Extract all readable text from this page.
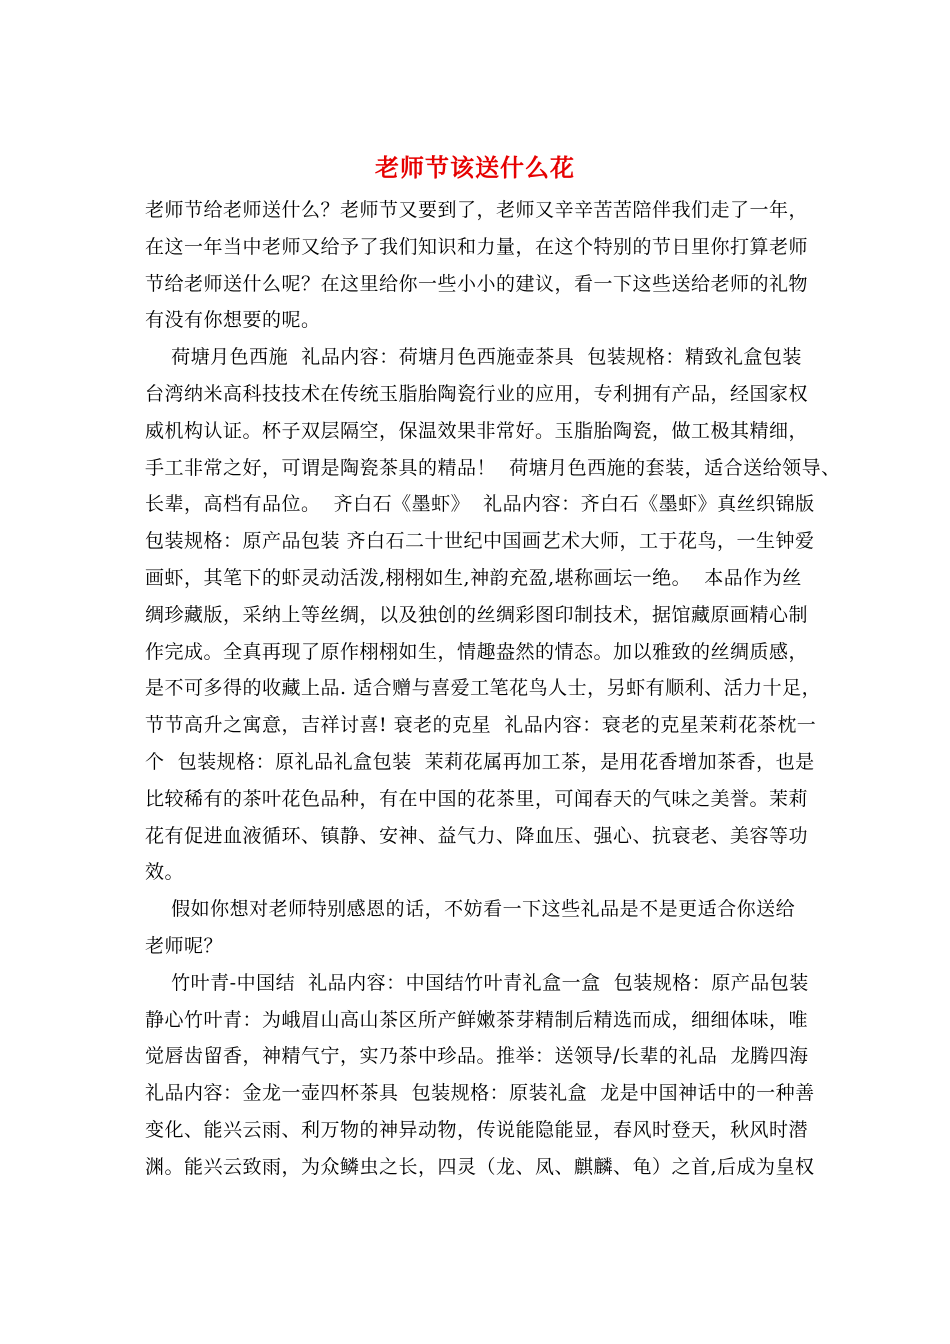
老师节该送什么花
老师节给老师送什么？老师节又要到了，老师又辛辛苦苦陪伴我们走了一年，
在这一年当中老师又给予了我们知识和力量，在这个特别的节日里你打算老师
节给老师送什么呢？在这里给你一些小小的建议，看一下这些送给老师的礼物
有没有你想要的呢。
荷塘月色西施  礼品内容：荷塘月色西施壶茶具  包装规格：精致礼盒包装
台湾纳米高科技技术在传统玉脂胎陶瓷行业的应用，专利拥有产品，经国家权
威机构认证。杯子双层隔空，保温效果非常好。玉脂胎陶瓷，做工极其精细，
手工非常之好，可谓是陶瓷茶具的精品！  荷塘月色西施的套装，适合送给领导、
长辈，高档有品位。  齐白石《墨虾》  礼品内容：齐白石《墨虾》真丝织锦版
包装规格：原产品包装 齐白石二十世纪中国画艺术大师，工于花鸟，一生钟爱
画虾，其笔下的虾灵动活泼,栩栩如生,神韵充盈,堪称画坛一绝。  本品作为丝
绸珍藏版，采纳上等丝绸，以及独创的丝绸彩图印制技术，据馆藏原画精心制
作完成。全真再现了原作栩栩如生，情趣盎然的情态。加以雅致的丝绸质感，
是不可多得的收藏上品. 适合赠与喜爱工笔花鸟人士，另虾有顺利、活力十足，
节节高升之寓意，吉祥讨喜! 衰老的克星  礼品内容：衰老的克星茉莉花茶枕一
个  包装规格：原礼品礼盒包装  茉莉花属再加工茶，是用花香增加茶香，也是
比较稀有的茶叶花色品种，有在中国的花茶里，可闻春天的气味之美誉。茉莉
花有促进血液循环、镇静、安神、益气力、降血压、强心、抗衰老、美容等功
效。
假如你想对老师特别感恩的话，不妨看一下这些礼品是不是更适合你送给
老师呢？
竹叶青-中国结  礼品内容：中国结竹叶青礼盒一盒  包装规格：原产品包装
静心竹叶青：为峨眉山高山茶区所产鲜嫩茶芽精制后精选而成，细细体味，唯
觉唇齿留香，神精气宁，实乃茶中珍品。推举：送领导/长辈的礼品  龙腾四海
礼品内容：金龙一壶四杯茶具  包装规格：原装礼盒  龙是中国神话中的一种善
变化、能兴云雨、利万物的神异动物，传说能隐能显，春风时登天，秋风时潜
渊。能兴云致雨，为众鳞虫之长，四灵（龙、凤、麒麟、龟）之首,后成为皇权
